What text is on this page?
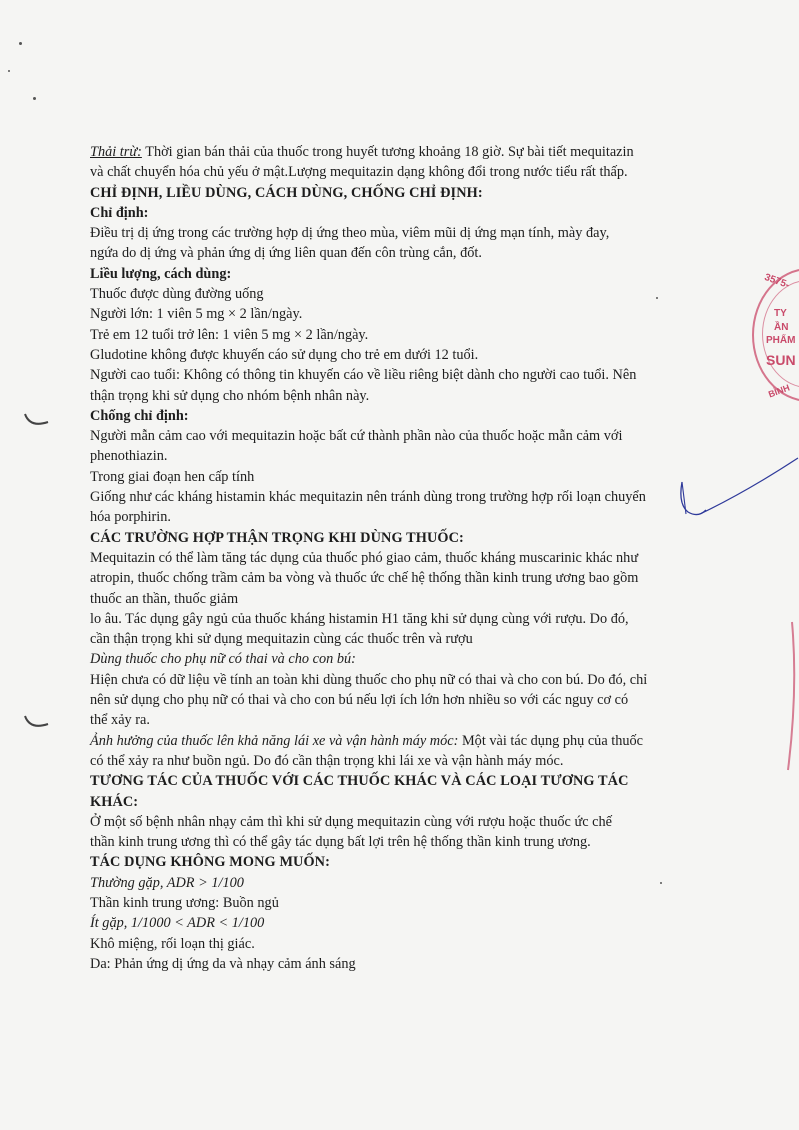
3575-
TY
ẦN
PHẨM
SUN
BÌNH
Thải trừ: Thời gian bán thải của thuốc trong huyết tương khoảng 18 giờ. Sự bài tiết mequitazin
và chất chuyển hóa chủ yếu ở mật.Lượng mequitazin dạng không đổi trong nước tiểu rất thấp.
CHỈ ĐỊNH, LIỀU DÙNG, CÁCH DÙNG, CHỐNG CHỈ ĐỊNH:
Chỉ định:
Điều trị dị ứng trong các trường hợp dị ứng theo mùa, viêm mũi dị ứng mạn tính, mày đay,
ngứa do dị ứng và phản ứng dị ứng liên quan đến côn trùng cắn, đốt.
Liều lượng, cách dùng:
Thuốc được dùng đường uống
Người lớn: 1 viên 5 mg × 2 lần/ngày.
Trẻ em 12 tuổi trở lên: 1 viên 5 mg × 2 lần/ngày.
Gludotine không được khuyến cáo sử dụng cho trẻ em dưới 12 tuổi.
Người cao tuổi: Không có thông tin khuyến cáo về liều riêng biệt dành cho người cao tuổi. Nên
thận trọng khi sử dụng cho nhóm bệnh nhân này.
Chống chỉ định:
Người mẫn cảm cao với mequitazin hoặc bất cứ thành phần nào của thuốc hoặc mẫn cảm với
phenothiazin.
Trong giai đoạn hen cấp tính
Giống như các kháng histamin khác mequitazin nên tránh dùng trong trường hợp rối loạn chuyển
hóa porphirin.
CÁC TRƯỜNG HỢP THẬN TRỌNG KHI DÙNG THUỐC:
Mequitazin có thể làm tăng tác dụng của thuốc phó giao cảm, thuốc kháng muscarinic khác như
atropin, thuốc chống trầm cảm ba vòng và thuốc ức chế hệ thống thần kinh trung ương bao gồm
thuốc an thần, thuốc giảm
lo âu. Tác dụng gây ngủ của thuốc kháng histamin H1 tăng khi sử dụng cùng với rượu. Do đó,
cần thận trọng khi sử dụng mequitazin cùng các thuốc trên và rượu
Dùng thuốc cho phụ nữ có thai và cho con bú:
Hiện chưa có dữ liệu về tính an toàn khi dùng thuốc cho phụ nữ có thai và cho con bú. Do đó, chỉ
nên sử dụng cho phụ nữ có thai và cho con bú nếu lợi ích lớn hơn nhiều so với các nguy cơ có
thể xảy ra.
Ảnh hưởng của thuốc lên khả năng lái xe và vận hành máy móc: Một vài tác dụng phụ của thuốc
có thể xảy ra như buồn ngủ. Do đó cần thận trọng khi lái xe và vận hành máy móc.
TƯƠNG TÁC CỦA THUỐC VỚI CÁC THUỐC KHÁC VÀ CÁC LOẠI TƯƠNG TÁC
KHÁC:
Ở một số bệnh nhân nhạy cảm thì khi sử dụng mequitazin cùng với rượu hoặc thuốc ức chế
thần kinh trung ương thì có thể gây tác dụng bất lợi trên hệ thống thần kinh trung ương.
TÁC DỤNG KHÔNG MONG MUỐN:
Thường gặp, ADR > 1/100
Thần kinh trung ương: Buồn ngủ
Ít gặp, 1/1000 < ADR < 1/100
Khô miệng, rối loạn thị giác.
Da: Phản ứng dị ứng da và nhạy cảm ánh sáng
